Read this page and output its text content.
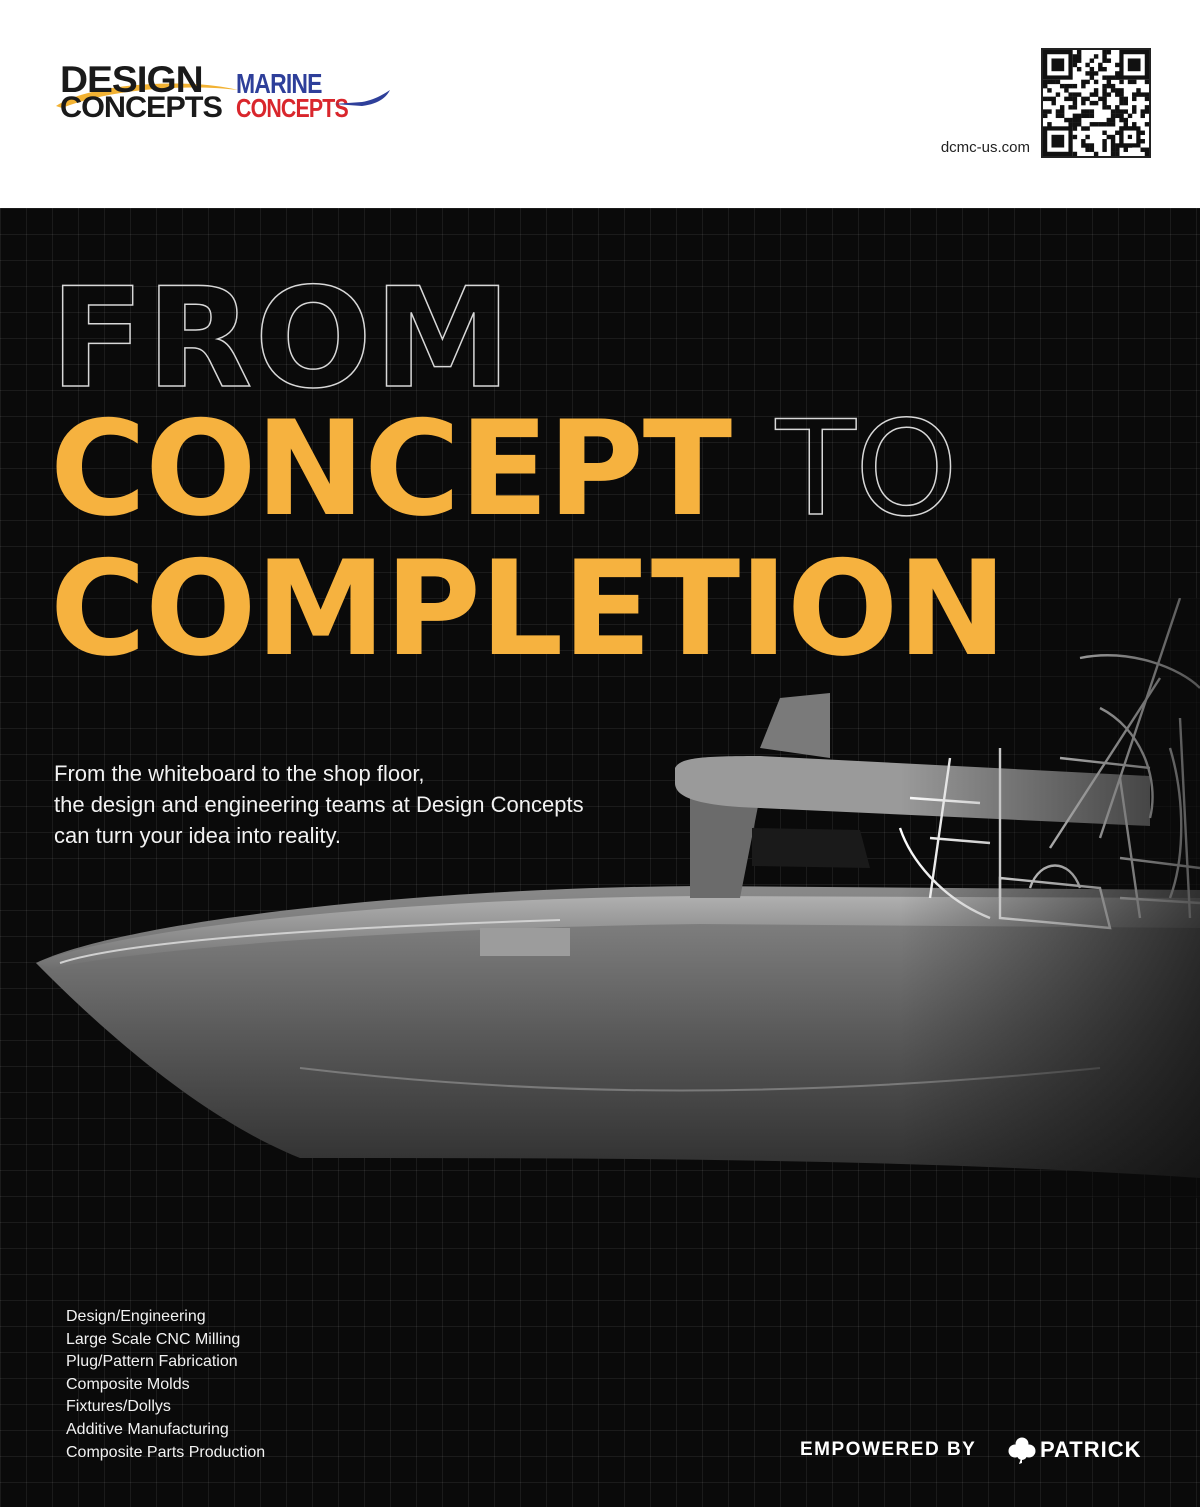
DESIGN
CONCEPTS
MARINE
CONCEPTS
dcmc-us.com
FROM
CONCEPT TO
COMPLETION
From the whiteboard to the shop floor,
the design and engineering teams at Design Concepts
can turn your idea into reality.
Design/Engineering
Large Scale CNC Milling
Plug/Pattern Fabrication
Composite Molds
Fixtures/Dollys
Additive Manufacturing
Composite Parts Production	EMPOWERED BY	PATRICK
